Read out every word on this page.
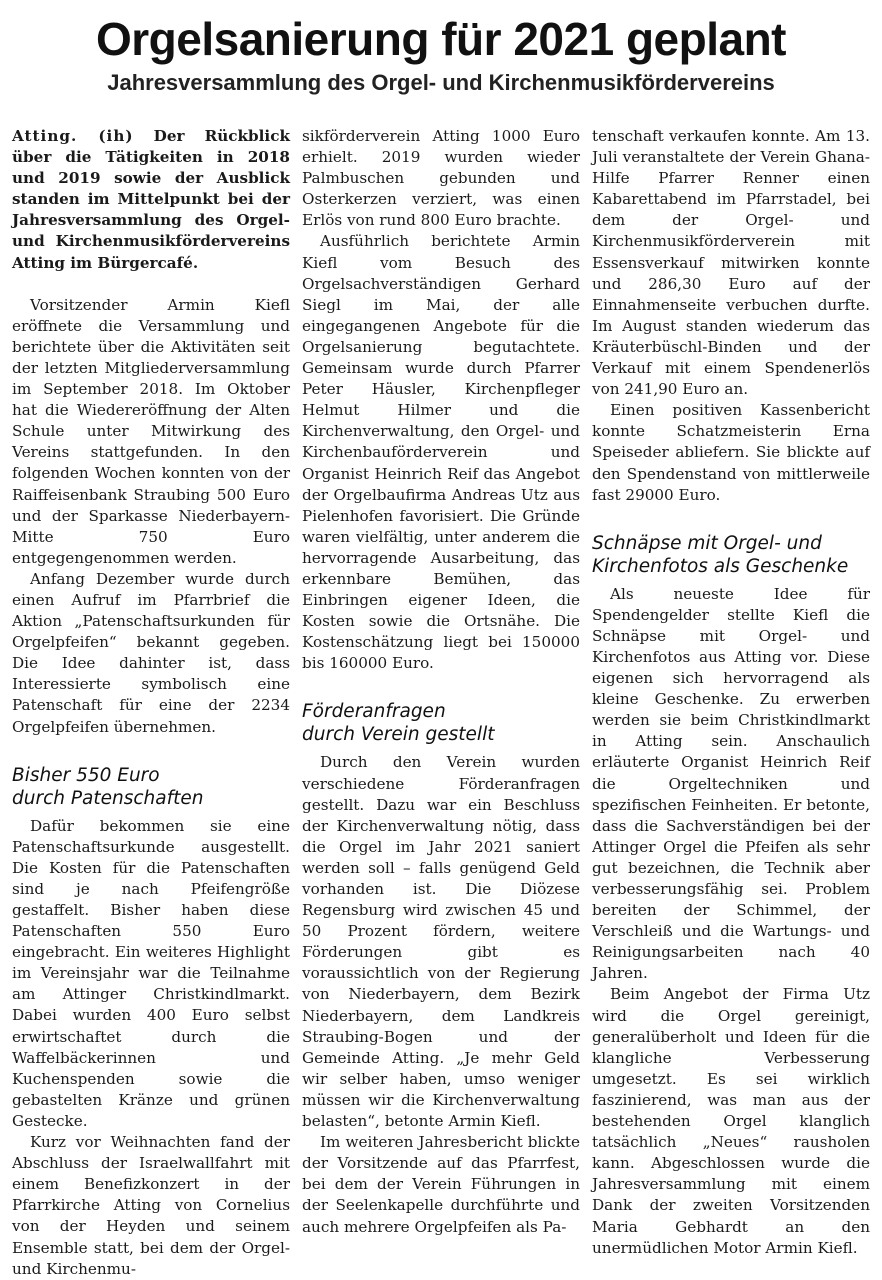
Orgelsanierung für 2021 geplant
Jahresversammlung des Orgel- und Kirchenmusikfördervereins

Atting. (ih) Der Rückblick über die Tätigkeiten in 2018 und 2019 sowie der Ausblick standen im Mittelpunkt bei der Jahresversammlung des Orgel- und Kirchenmusikfördervereins Atting im Bürgercafé.

Vorsitzender Armin Kiefl eröffnete die Versammlung und berichtete über die Aktivitäten seit der letzten Mitgliederversammlung im September 2018. Im Oktober hat die Wiedereröffnung der Alten Schule unter Mitwirkung des Vereins stattgefunden. In den folgenden Wochen konnten von der Raiffeisenbank Straubing 500 Euro und der Sparkasse Niederbayern-Mitte 750 Euro entgegengenommen werden.

Anfang Dezember wurde durch einen Aufruf im Pfarrbrief die Aktion „Patenschaftsurkunden für Orgelpfeifen“ bekannt gegeben. Die Idee dahinter ist, dass Interessierte symbolisch eine Patenschaft für eine der 2234 Orgelpfeifen übernehmen.

Bisher 550 Euro
durch Patenschaften

Dafür bekommen sie eine Patenschaftsurkunde ausgestellt. Die Kosten für die Patenschaften sind je nach Pfeifengröße gestaffelt. Bisher haben diese Patenschaften 550 Euro eingebracht. Ein weiteres Highlight im Vereinsjahr war die Teilnahme am Attinger Christkindlmarkt. Dabei wurden 400 Euro selbst erwirtschaftet durch die Waffelbäckerinnen und Kuchenspenden sowie die gebastelten Kränze und grünen Gestecke.

Kurz vor Weihnachten fand der Abschluss der Israelwallfahrt mit einem Benefizkonzert in der Pfarrkirche Atting von Cornelius von der Heyden und seinem Ensemble statt, bei dem der Orgel- und Kirchenmu-

sikförderverein Atting 1000 Euro erhielt. 2019 wurden wieder Palmbuschen gebunden und Osterkerzen verziert, was einen Erlös von rund 800 Euro brachte.

Ausführlich berichtete Armin Kiefl vom Besuch des Orgelsachverständigen Gerhard Siegl im Mai, der alle eingegangenen Angebote für die Orgelsanierung begutachtete. Gemeinsam wurde durch Pfarrer Peter Häusler, Kirchenpfleger Helmut Hilmer und die Kirchenverwaltung, den Orgel- und Kirchenbauförderverein und Organist Heinrich Reif das Angebot der Orgelbaufirma Andreas Utz aus Pielenhofen favorisiert. Die Gründe waren vielfältig, unter anderem die hervorragende Ausarbeitung, das erkennbare Bemühen, das Einbringen eigener Ideen, die Kosten sowie die Ortsnähe. Die Kostenschätzung liegt bei 150000 bis 160000 Euro.

Förderanfragen
durch Verein gestellt

Durch den Verein wurden verschiedene Förderanfragen gestellt. Dazu war ein Beschluss der Kirchenverwaltung nötig, dass die Orgel im Jahr 2021 saniert werden soll – falls genügend Geld vorhanden ist. Die Diözese Regensburg wird zwischen 45 und 50 Prozent fördern, weitere Förderungen gibt es voraussichtlich von der Regierung von Niederbayern, dem Bezirk Niederbayern, dem Landkreis Straubing-Bogen und der Gemeinde Atting. „Je mehr Geld wir selber haben, umso weniger müssen wir die Kirchenverwaltung belasten“, betonte Armin Kiefl.

Im weiteren Jahresbericht blickte der Vorsitzende auf das Pfarrfest, bei dem der Verein Führungen in der Seelenkapelle durchführte und auch mehrere Orgelpfeifen als Pa-

tenschaft verkaufen konnte. Am 13. Juli veranstaltete der Verein Ghana-Hilfe Pfarrer Renner einen Kabarettabend im Pfarrstadel, bei dem der Orgel- und Kirchenmusikförderverein mit Essensverkauf mitwirken konnte und 286,30 Euro auf der Einnahmenseite verbuchen durfte. Im August standen wiederum das Kräuterbüschl-Binden und der Verkauf mit einem Spendenerlös von 241,90 Euro an.

Einen positiven Kassenbericht konnte Schatzmeisterin Erna Speiseder abliefern. Sie blickte auf den Spendenstand von mittlerweile fast 29000 Euro.

Schnäpse mit Orgel- und
Kirchenfotos als Geschenke

Als neueste Idee für Spendengelder stellte Kiefl die Schnäpse mit Orgel- und Kirchenfotos aus Atting vor. Diese eigenen sich hervorragend als kleine Geschenke. Zu erwerben werden sie beim Christkindlmarkt in Atting sein. Anschaulich erläuterte Organist Heinrich Reif die Orgeltechniken und spezifischen Feinheiten. Er betonte, dass die Sachverständigen bei der Attinger Orgel die Pfeifen als sehr gut bezeichnen, die Technik aber verbesserungsfähig sei. Problem bereiten der Schimmel, der Verschleiß und die Wartungs- und Reinigungsarbeiten nach 40 Jahren.

Beim Angebot der Firma Utz wird die Orgel gereinigt, generalüberholt und Ideen für die klangliche Verbesserung umgesetzt. Es sei wirklich faszinierend, was man aus der bestehenden Orgel klanglich tatsächlich „Neues“ rausholen kann. Abgeschlossen wurde die Jahresversammlung mit einem Dank der zweiten Vorsitzenden Maria Gebhardt an den unermüdlichen Motor Armin Kiefl.
